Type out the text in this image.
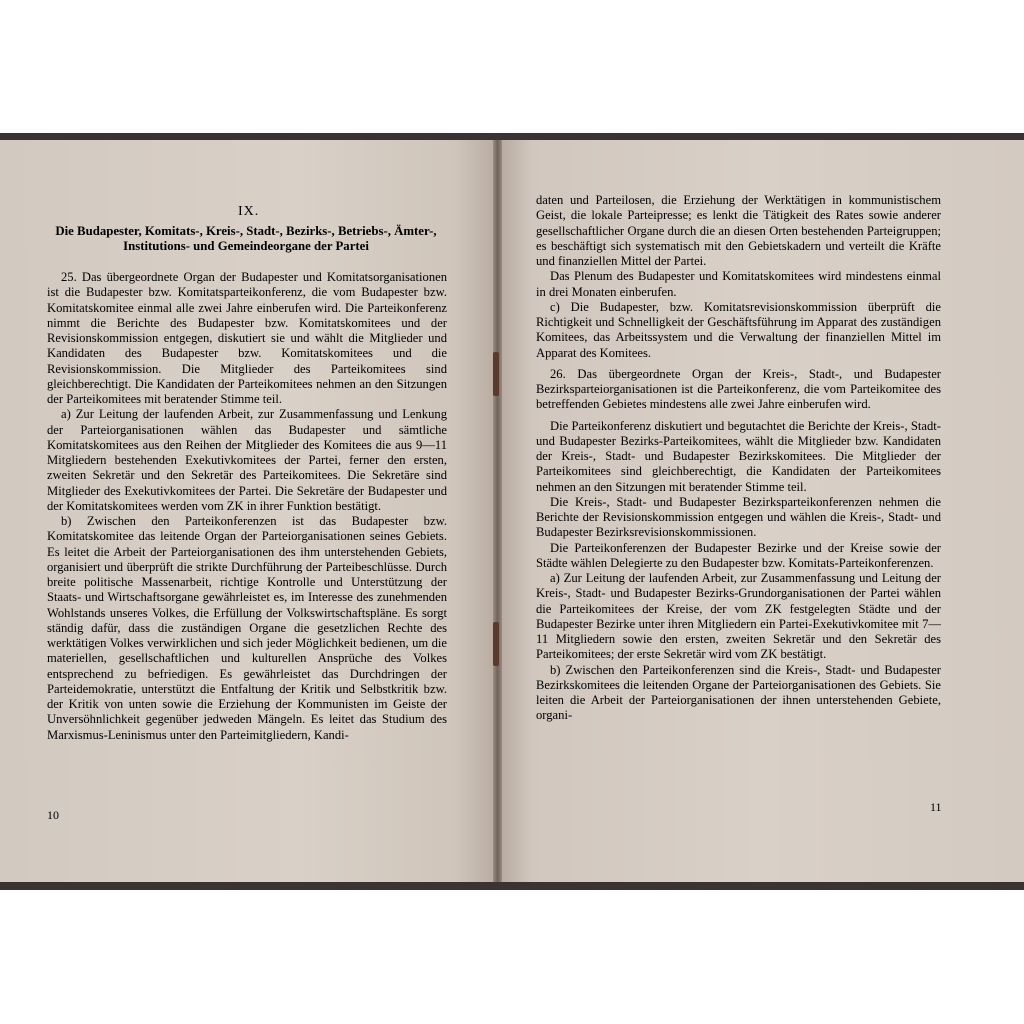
IX.
Die Budapester, Komitats-, Kreis-, Stadt-, Bezirks-, Betriebs-, Ämter-, Institutions- und Gemeindeorgane der Partei

25. Das übergeordnete Organ der Budapester und Komitatsorganisationen ist die Budapester bzw. Komitatsparteikonferenz, die vom Budapester bzw. Komitatskomitee einmal alle zwei Jahre einberufen wird. Die Parteikonferenz nimmt die Berichte des Budapester bzw. Komitatskomitees und der Revisionskommission entgegen, diskutiert sie und wählt die Mitglieder und Kandidaten des Budapester bzw. Komitatskomitees und die Revisionskommission. Die Mitglieder des Parteikomitees sind gleichberechtigt. Die Kandidaten der Parteikomitees nehmen an den Sitzungen der Parteikomitees mit beratender Stimme teil.

a) Zur Leitung der laufenden Arbeit, zur Zusammenfassung und Lenkung der Parteiorganisationen wählen das Budapester und sämtliche Komitatskomitees aus den Reihen der Mitglieder des Komitees die aus 9—11 Mitgliedern bestehenden Exekutivkomitees der Partei, ferner den ersten, zweiten Sekretär und den Sekretär des Parteikomitees. Die Sekretäre sind Mitglieder des Exekutivkomitees der Partei. Die Sekretäre der Budapester und der Komitatskomitees werden vom ZK in ihrer Funktion bestätigt.

b) Zwischen den Parteikonferenzen ist das Budapester bzw. Komitatskomitee das leitende Organ der Parteiorganisationen seines Gebiets. Es leitet die Arbeit der Parteiorganisationen des ihm unterstehenden Gebiets, organisiert und überprüft die strikte Durchführung der Parteibeschlüsse. Durch breite politische Massenarbeit, richtige Kontrolle und Unterstützung der Staats- und Wirtschaftsorgane gewährleistet es, im Interesse des zunehmenden Wohlstands unseres Volkes, die Erfüllung der Volkswirtschaftspläne. Es sorgt ständig dafür, dass die zuständigen Organe die gesetzlichen Rechte des werktätigen Volkes verwirklichen und sich jeder Möglichkeit bedienen, um die materiellen, gesellschaftlichen und kulturellen Ansprüche des Volkes entsprechend zu befriedigen. Es gewährleistet das Durchdringen der Parteidemokratie, unterstützt die Entfaltung der Kritik und Selbstkritik bzw. der Kritik von unten sowie die Erziehung der Kommunisten im Geiste der Unversöhnlichkeit gegenüber jedweden Mängeln. Es leitet das Studium des Marxismus-Leninismus unter den Parteimitgliedern, Kandi-

10

daten und Parteilosen, die Erziehung der Werktätigen in kommunistischem Geist, die lokale Parteipresse; es lenkt die Tätigkeit des Rates sowie anderer gesellschaftlicher Organe durch die an diesen Orten bestehenden Parteigruppen; es beschäftigt sich systematisch mit den Gebietskadern und verteilt die Kräfte und finanziellen Mittel der Partei.

Das Plenum des Budapester und Komitatskomitees wird mindestens einmal in drei Monaten einberufen.

c) Die Budapester, bzw. Komitatsrevisionskommission überprüft die Richtigkeit und Schnelligkeit der Geschäftsführung im Apparat des zuständigen Komitees, das Arbeitssystem und die Verwaltung der finanziellen Mittel im Apparat des Komitees.

26. Das übergeordnete Organ der Kreis-, Stadt-, und Budapester Bezirksparteiorganisationen ist die Parteikonferenz, die vom Parteikomitee des betreffenden Gebietes mindestens alle zwei Jahre einberufen wird.

Die Parteikonferenz diskutiert und begutachtet die Berichte der Kreis-, Stadt- und Budapester Bezirks-Parteikomitees, wählt die Mitglieder bzw. Kandidaten der Kreis-, Stadt- und Budapester Bezirkskomitees. Die Mitglieder der Parteikomitees sind gleichberechtigt, die Kandidaten der Parteikomitees nehmen an den Sitzungen mit beratender Stimme teil.

Die Kreis-, Stadt- und Budapester Bezirksparteikonferenzen nehmen die Berichte der Revisionskommission entgegen und wählen die Kreis-, Stadt- und Budapester Bezirksrevisionskommissionen.

Die Parteikonferenzen der Budapester Bezirke und der Kreise sowie der Städte wählen Delegierte zu den Budapester bzw. Komitats-Parteikonferenzen.

a) Zur Leitung der laufenden Arbeit, zur Zusammenfassung und Leitung der Kreis-, Stadt- und Budapester Bezirks-Grundorganisationen der Partei wählen die Parteikomitees der Kreise, der vom ZK festgelegten Städte und der Budapester Bezirke unter ihren Mitgliedern ein Partei-Exekutivkomitee mit 7—11 Mitgliedern sowie den ersten, zweiten Sekretär und den Sekretär des Parteikomitees; der erste Sekretär wird vom ZK bestätigt.

b) Zwischen den Parteikonferenzen sind die Kreis-, Stadt- und Budapester Bezirkskomitees die leitenden Organe der Parteiorganisationen des Gebiets. Sie leiten die Arbeit der Parteiorganisationen der ihnen unterstehenden Gebiete, organi-

11
